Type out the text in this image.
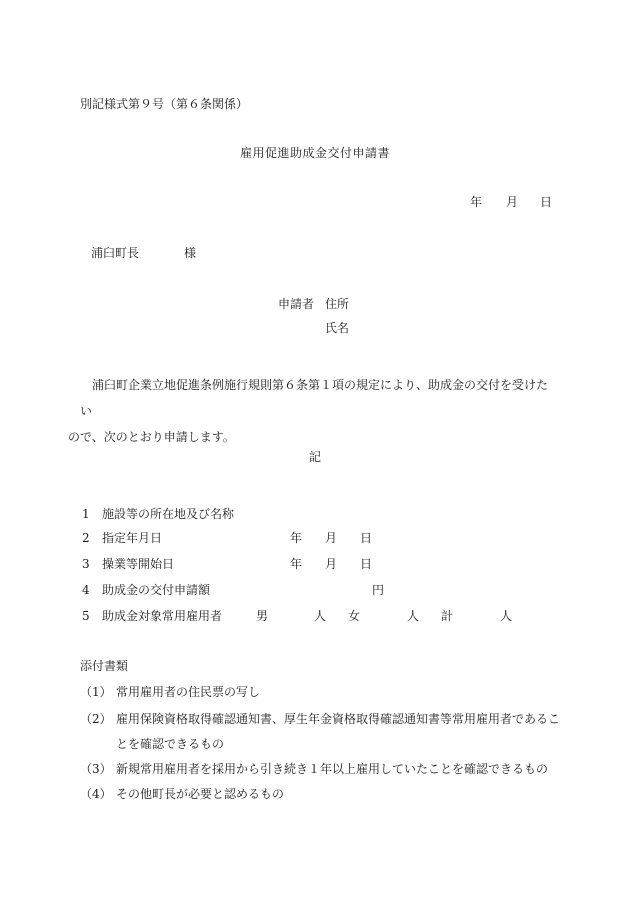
別記様式第９号（第６条関係）
雇用促進助成金交付申請書
年 月 日
浦臼町長	様
申請者 住所
氏名
浦臼町企業立地促進条例施行規則第６条第１項の規定により、助成金の交付を受けたい
ので、次のとおり申請します。
記
1 施設等の所在地及び名称
2 指定年月日	年 月 日
3 操業等開始日	年 月 日
4 助成金の交付申請額	円
5 助成金対象常用雇用者	男	人 女	人 計	人
添付書類
（1） 常用雇用者の住民票の写し
（2） 雇用保険資格取得確認通知書、厚生年金資格取得確認通知書等常用雇用者であるこ
とを確認できるもの
（3） 新規常用雇用者を採用から引き続き１年以上雇用していたことを確認できるもの
（4） その他町長が必要と認めるもの
